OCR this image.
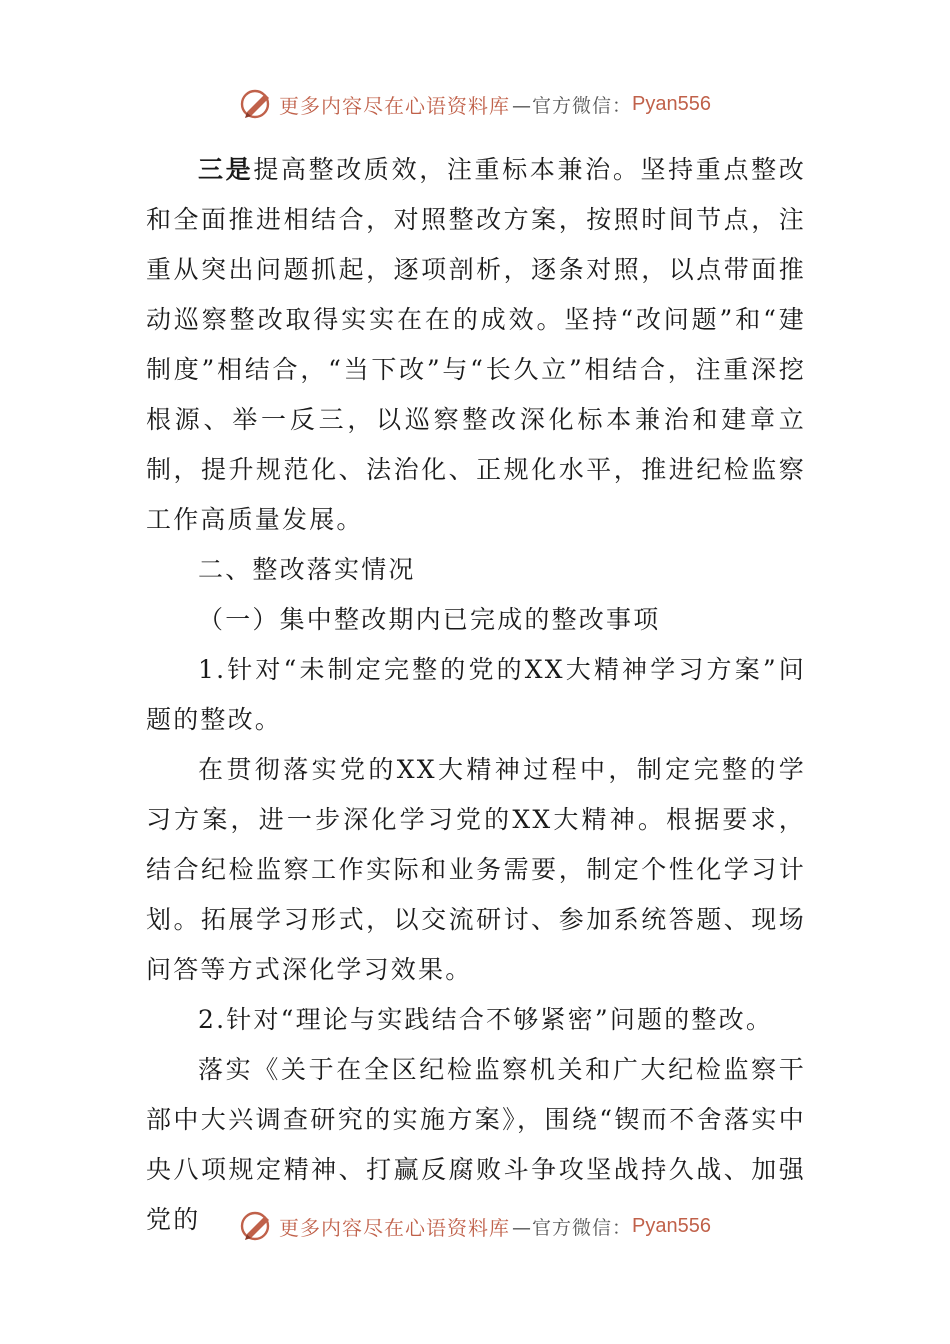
更多内容尽在心语资料库 —官方微信： Pyan556

三是提高整改质效，注重标本兼治。坚持重点整改和全面推进相结合，对照整改方案，按照时间节点，注重从突出问题抓起，逐项剖析，逐条对照，以点带面推动巡察整改取得实实在在的成效。坚持“改问题”和“建制度”相结合，“当下改”与“长久立”相结合，注重深挖根源、举一反三，以巡察整改深化标本兼治和建章立制，提升规范化、法治化、正规化水平，推进纪检监察工作高质量发展。

二、整改落实情况

（一）集中整改期内已完成的整改事项

1.针对“未制定完整的党的XX大精神学习方案”问题的整改。

在贯彻落实党的XX大精神过程中，制定完整的学习方案，进一步深化学习党的XX大精神。根据要求，结合纪检监察工作实际和业务需要，制定个性化学习计划。拓展学习形式，以交流研讨、参加系统答题、现场问答等方式深化学习效果。

2.针对“理论与实践结合不够紧密”问题的整改。

落实《关于在全区纪检监察机关和广大纪检监察干部中大兴调查研究的实施方案》，围绕“锲而不舍落实中央八项规定精神、打赢反腐败斗争攻坚战持久战、加强党的	更多内容尽在心语资料库 —官方微信： Pyan556
